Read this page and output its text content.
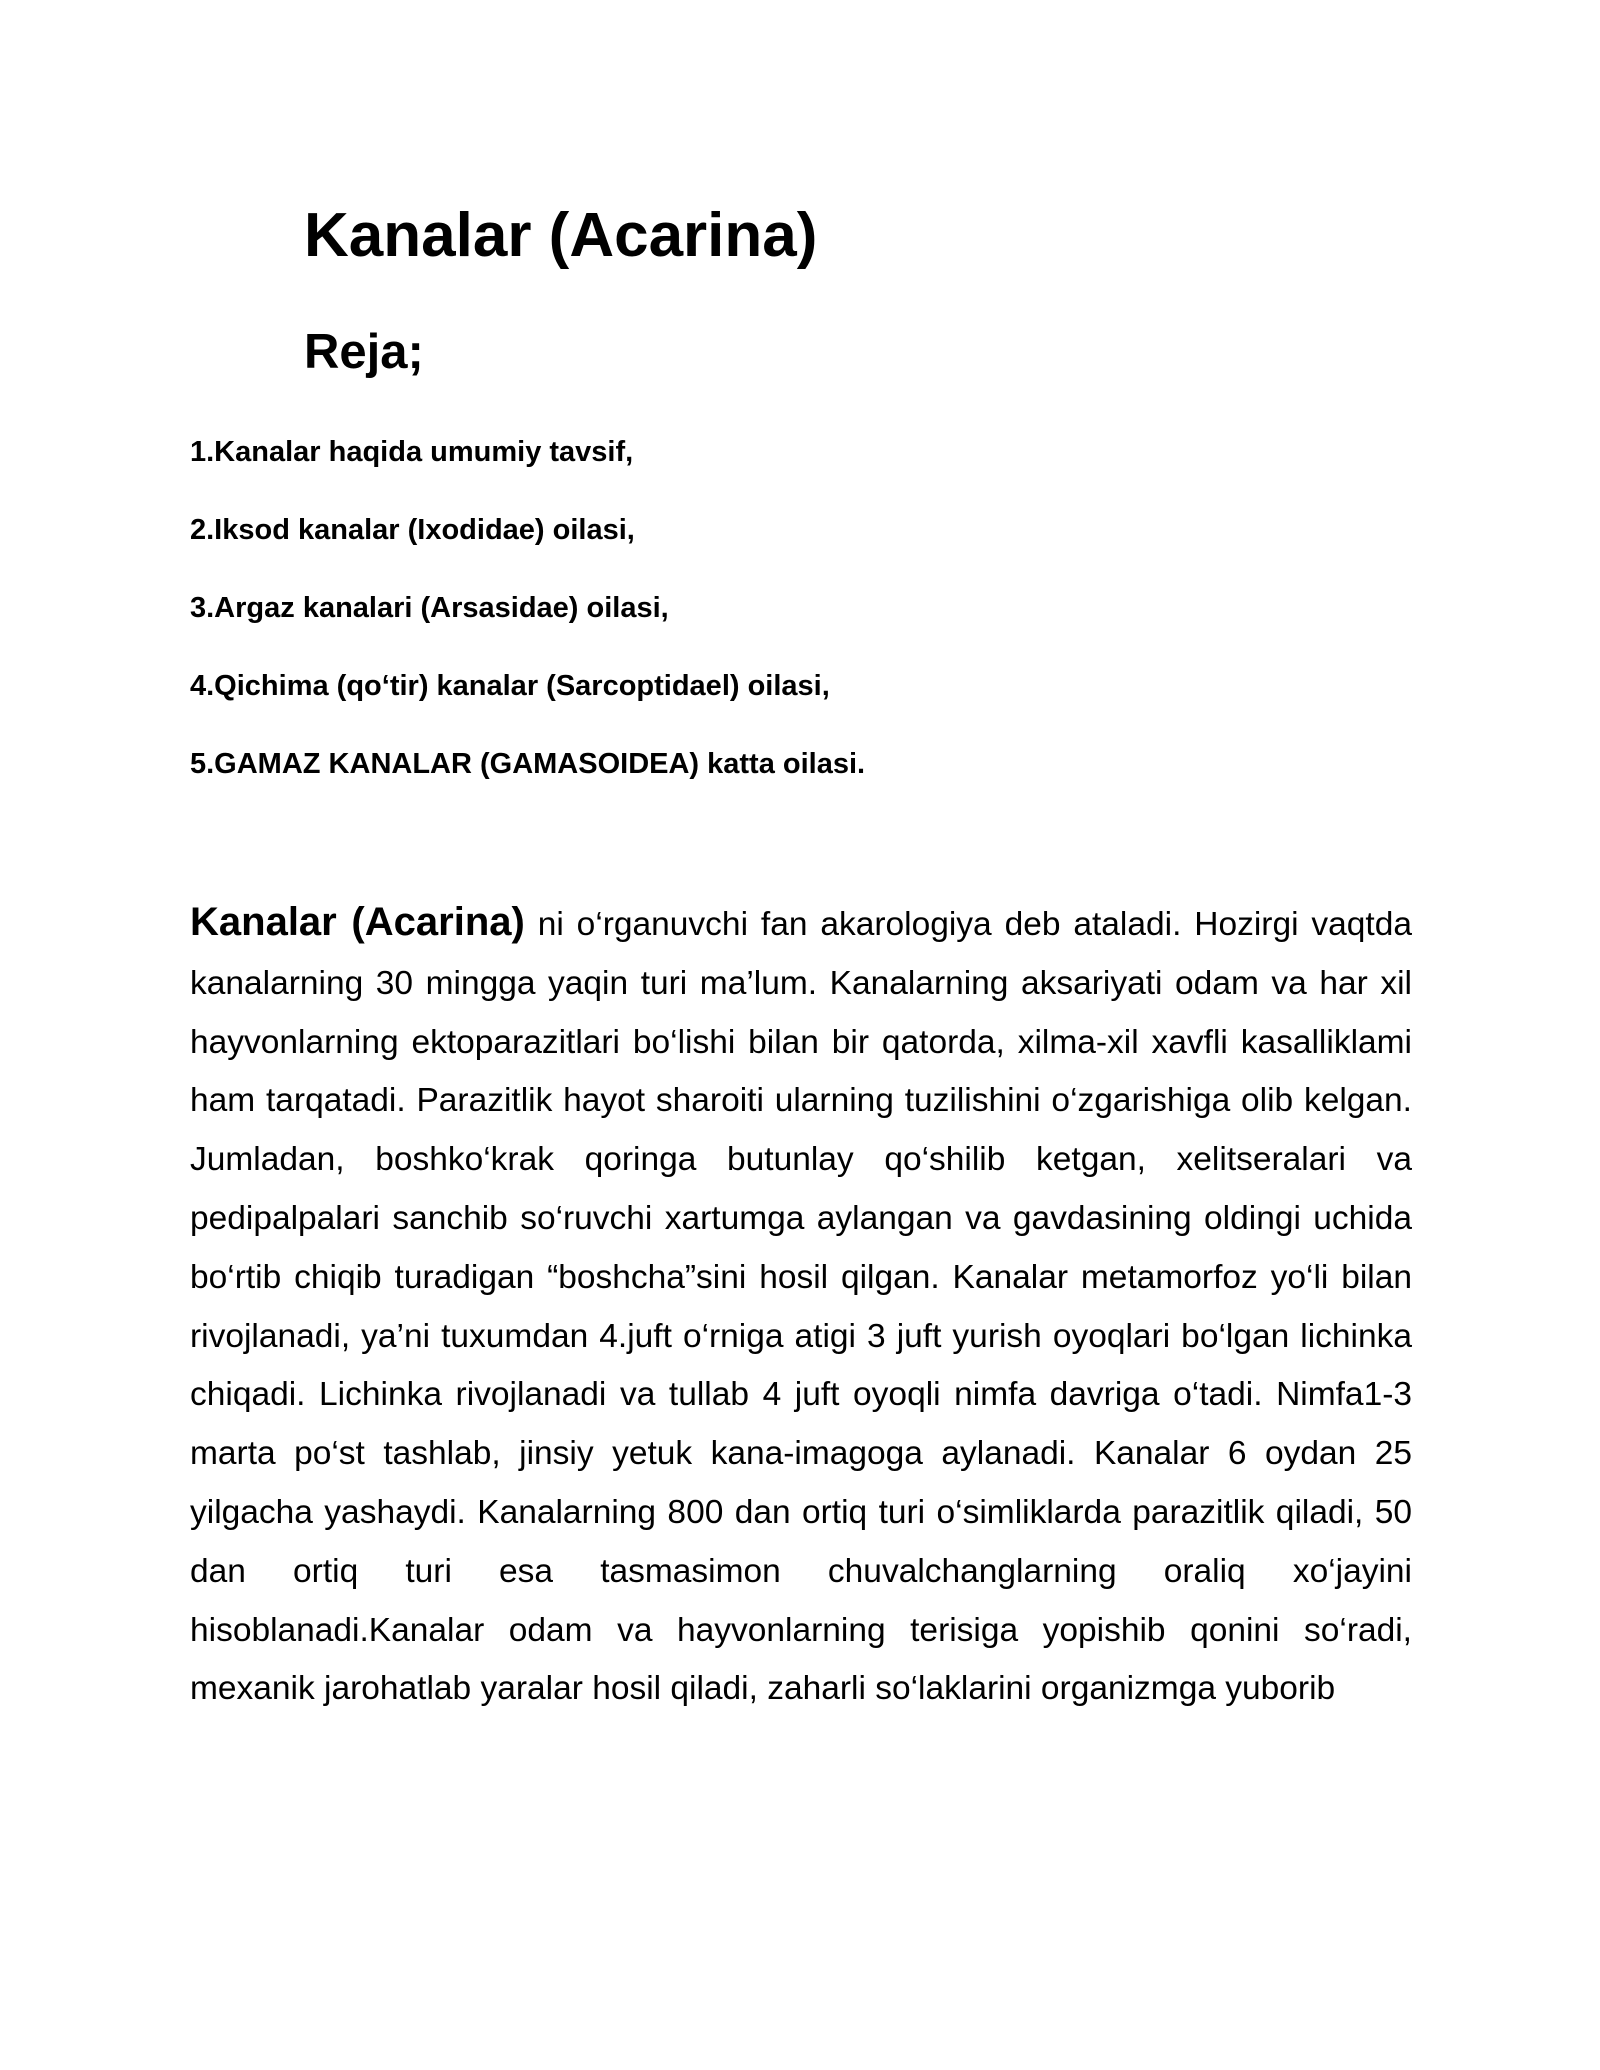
Kanalar (Acarina)
Reja;
1.Kanalar haqida umumiy tavsif,
2.Iksod kanalar (Ixodidae) oilasi,
3.Argaz kanalari (Arsasidae) oilasi,
4.Qichima (qo‘tir) kanalar (Sarcoptidael) oilasi,
5.GAMAZ KANALAR (GAMASOIDEA) katta oilasi.

Kanalar (Acarina) ni o‘rganuvchi fan akarologiya deb ataladi. Hozirgi vaqtda kanalarning 30 mingga yaqin turi ma’lum. Kanalarning aksariyati odam va har xil hayvonlarning ektoparazitlari bo‘lishi bilan bir qatorda, xilma-xil xavfli kasalliklami ham tarqatadi. Parazitlik hayot sharoiti ularning tuzilishini o‘zgarishiga olib kelgan. Jumladan, boshko‘krak qoringa butunlay qo‘shilib ketgan, xelitseralari va pedipalpalari sanchib so‘ruvchi xartumga aylangan va gavdasining oldingi uchida bo‘rtib chiqib turadigan “boshcha”sini hosil qilgan. Kanalar metamorfoz yo‘li bilan rivojlanadi, ya’ni tuxumdan 4.juft o‘rniga atigi 3 juft yurish oyoqlari bo‘lgan lichinka chiqadi. Lichinka rivojlanadi va tullab 4 juft oyoqli nimfa davriga o‘tadi. Nimfa1-3 marta po‘st tashlab, jinsiy yetuk kana-imagoga aylanadi. Kanalar 6 oydan 25 yilgacha yashaydi. Kanalarning 800 dan ortiq turi o‘simliklarda parazitlik qiladi, 50 dan ortiq turi esa tasmasimon chuvalchanglarning oraliq xo‘jayini hisoblanadi.Kanalar odam va hayvonlarning terisiga yopishib qonini so‘radi, mexanik jarohatlab yaralar hosil qiladi, zaharli so‘laklarini organizmga yuborib
